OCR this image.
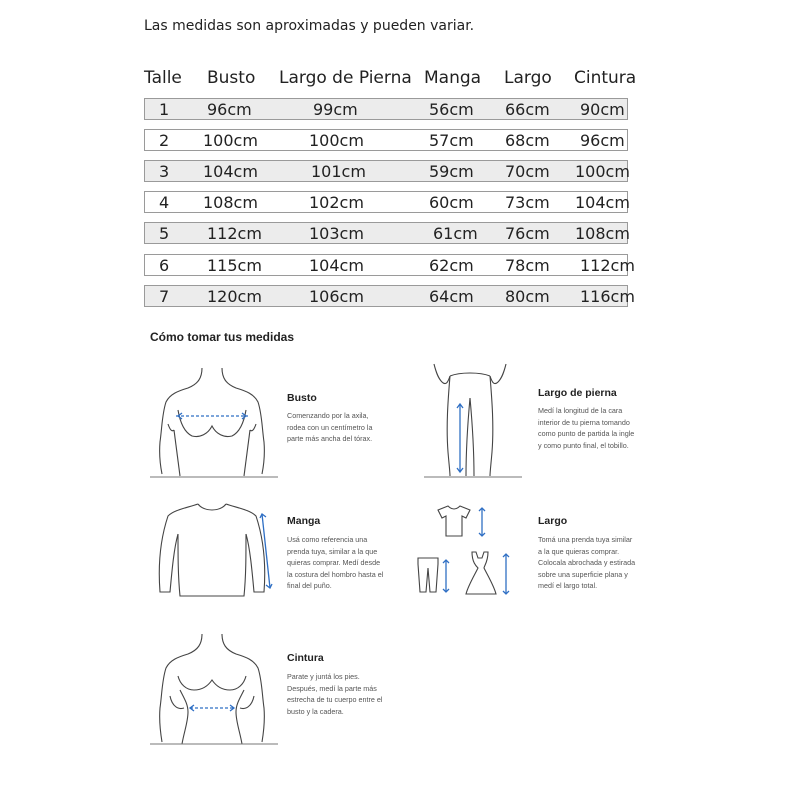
Las medidas son aproximadas y pueden variar.
Talle Busto Largo de Pierna Manga Largo Cintura
1 96cm	99cm	56cm 66cm 90cm
2 100cm	100cm	57cm 68cm 96cm
3 104cm	101cm	59cm 70cm 100cm
4 108cm	102cm	60cm 73cm 104cm
5 112cm	103cm	61cm 76cm 108cm
6 115cm	104cm	62cm 78cm 112cm
7 120cm	106cm	64cm 80cm 116cm
Cómo tomar tus medidas
Busto
Comenzando por la axila,
rodea con un centímetro la
parte más ancha del tórax.
Largo de pierna
Medí la longitud de la cara
interior de tu pierna tomando
como punto de partida la ingle
y como punto final, el tobillo.
Manga
Usá como referencia una
prenda tuya, similar a la que
quieras comprar. Medí desde
la costura del hombro hasta el
final del puño.
Largo
Tomá una prenda tuya similar
a la que quieras comprar.
Colocala abrochada y estirada
sobre una superficie plana y
medí el largo total.
Cintura
Parate y juntá los pies.
Después, medí la parte más
estrecha de tu cuerpo entre el
busto y la cadera.
